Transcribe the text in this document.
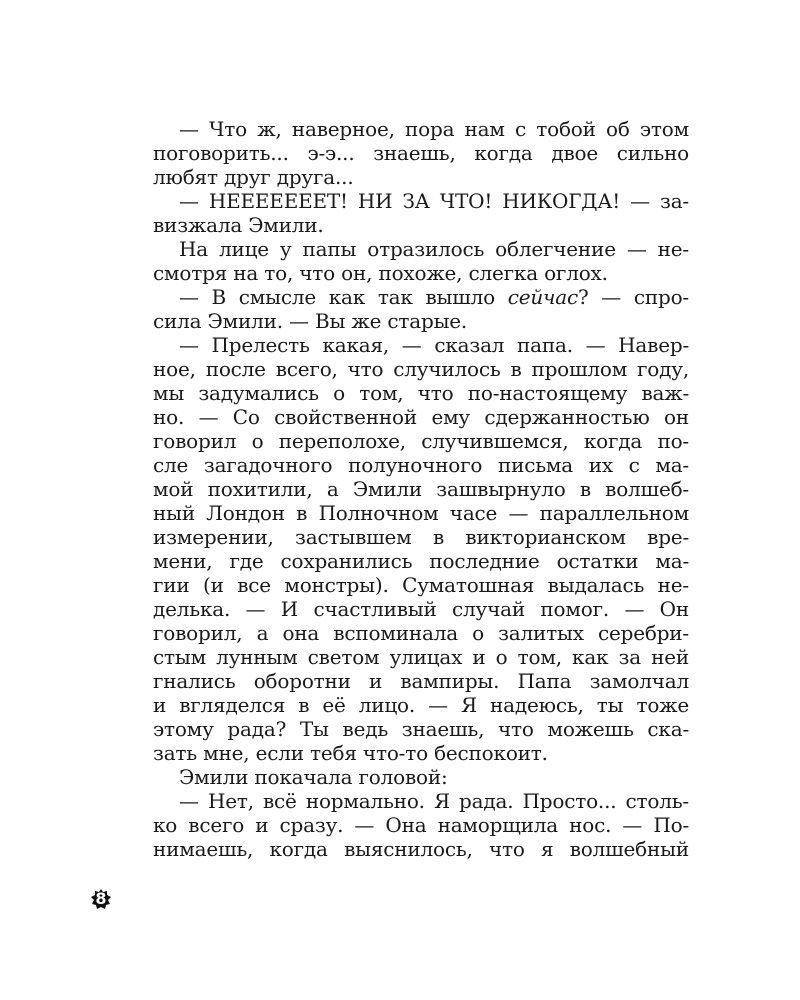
— Что ж, наверное, пора нам с тобой об этом
поговорить... э-э... знаешь, когда двое сильно
любят друг друга...
— НЕЕЕЕЕЕЕТ! НИ ЗА ЧТО! НИКОГДА! — за-
визжала Эмили.
На лице у папы отразилось облегчение — не-
смотря на то, что он, похоже, слегка оглох.
— В смысле как так вышло сейчас? — спро-
сила Эмили. — Вы же старые.
— Прелесть какая, — сказал папа. — Навер-
ное, после всего, что случилось в прошлом году,
мы задумались о том, что по-настоящему важ-
но. — Со свойственной ему сдержанностью он
говорил о переполохе, случившемся, когда по-
сле загадочного полуночного письма их с ма-
мой похитили, а Эмили зашвырнуло в волшеб-
ный Лондон в Полночном часе — параллельном
измерении, застывшем в викторианском вре-
мени, где сохранились последние остатки ма-
гии (и все монстры). Суматошная выдалась не-
делька. — И счастливый случай помог. — Он
говорил, а она вспоминала о залитых серебри-
стым лунным светом улицах и о том, как за ней
гнались оборотни и вампиры. Папа замолчал
и вгляделся в её лицо. — Я надеюсь, ты тоже
этому рада? Ты ведь знаешь, что можешь ска-
зать мне, если тебя что-то беспокоит.
Эмили покачала головой:
— Нет, всё нормально. Я рада. Просто... столь-
ко всего и сразу. — Она наморщила нос. — По-
нимаешь, когда выяснилось, что я волшебный
8
